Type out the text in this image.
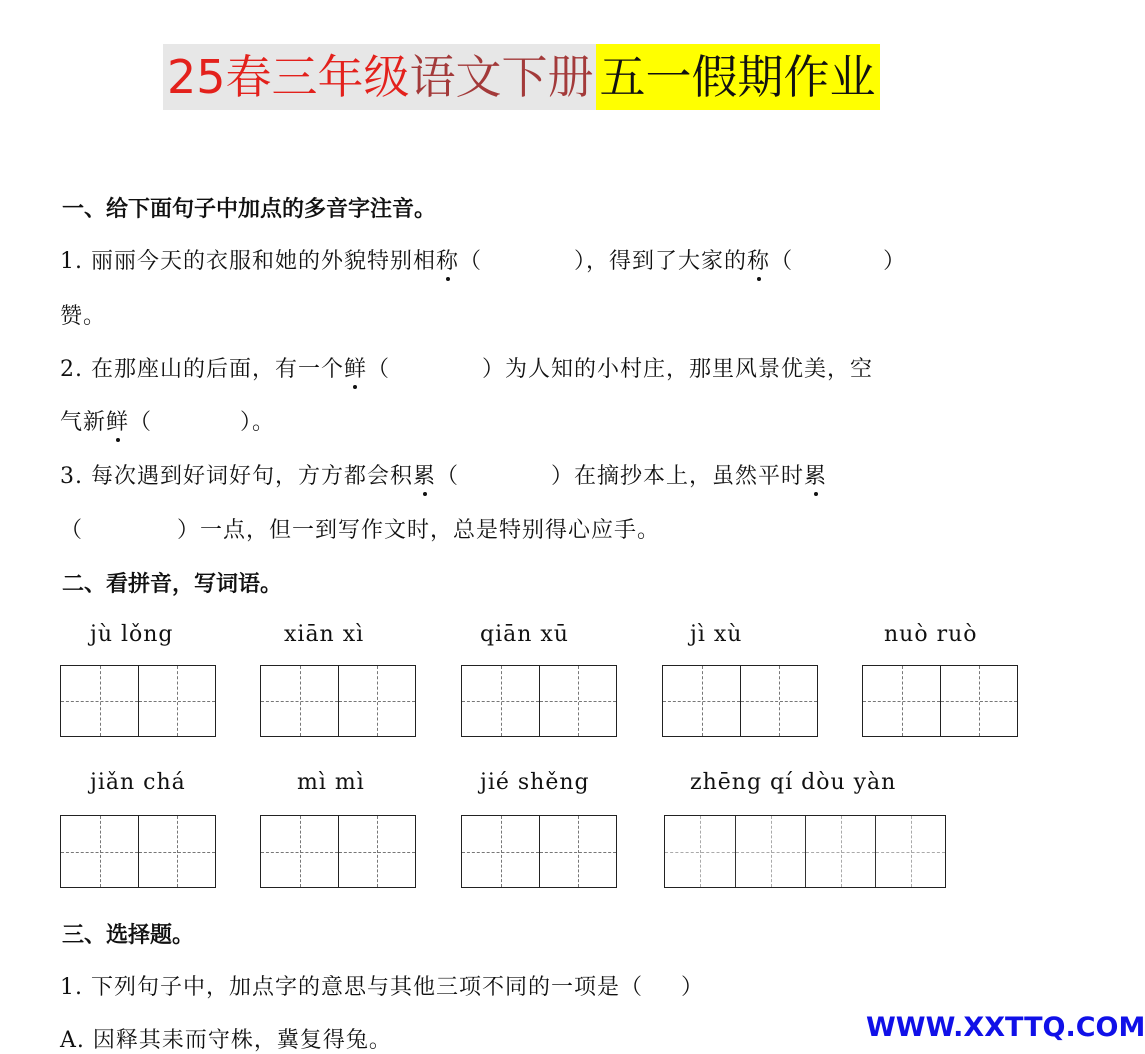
25春三年级语文下册 五一假期作业
一、给下面句子中加点的多音字注音。
1. 丽丽今天的衣服和她的外貌特别相称（	），得到了大家的称（	）
赞。
2. 在那座山的后面，有一个鲜（	）为人知的小村庄，那里风景优美，空
气新鲜（	）。
3. 每次遇到好词好句，方方都会积累（	）在摘抄本上，虽然平时累
（	）一点，但一到写作文时，总是特别得心应手。
二、看拼音，写词语。
jù lǒng	xiān xì	qiān xū	jì xù	nuò ruò
jiǎn chá	mì mì	jié shěng	zhēng qí dòu yàn
三、选择题。
1. 下列句子中，加点字的意思与其他三项不同的一项是（ ）
A. 因释其耒而守株，冀复得兔。	WWW.XXTTQ.COM
